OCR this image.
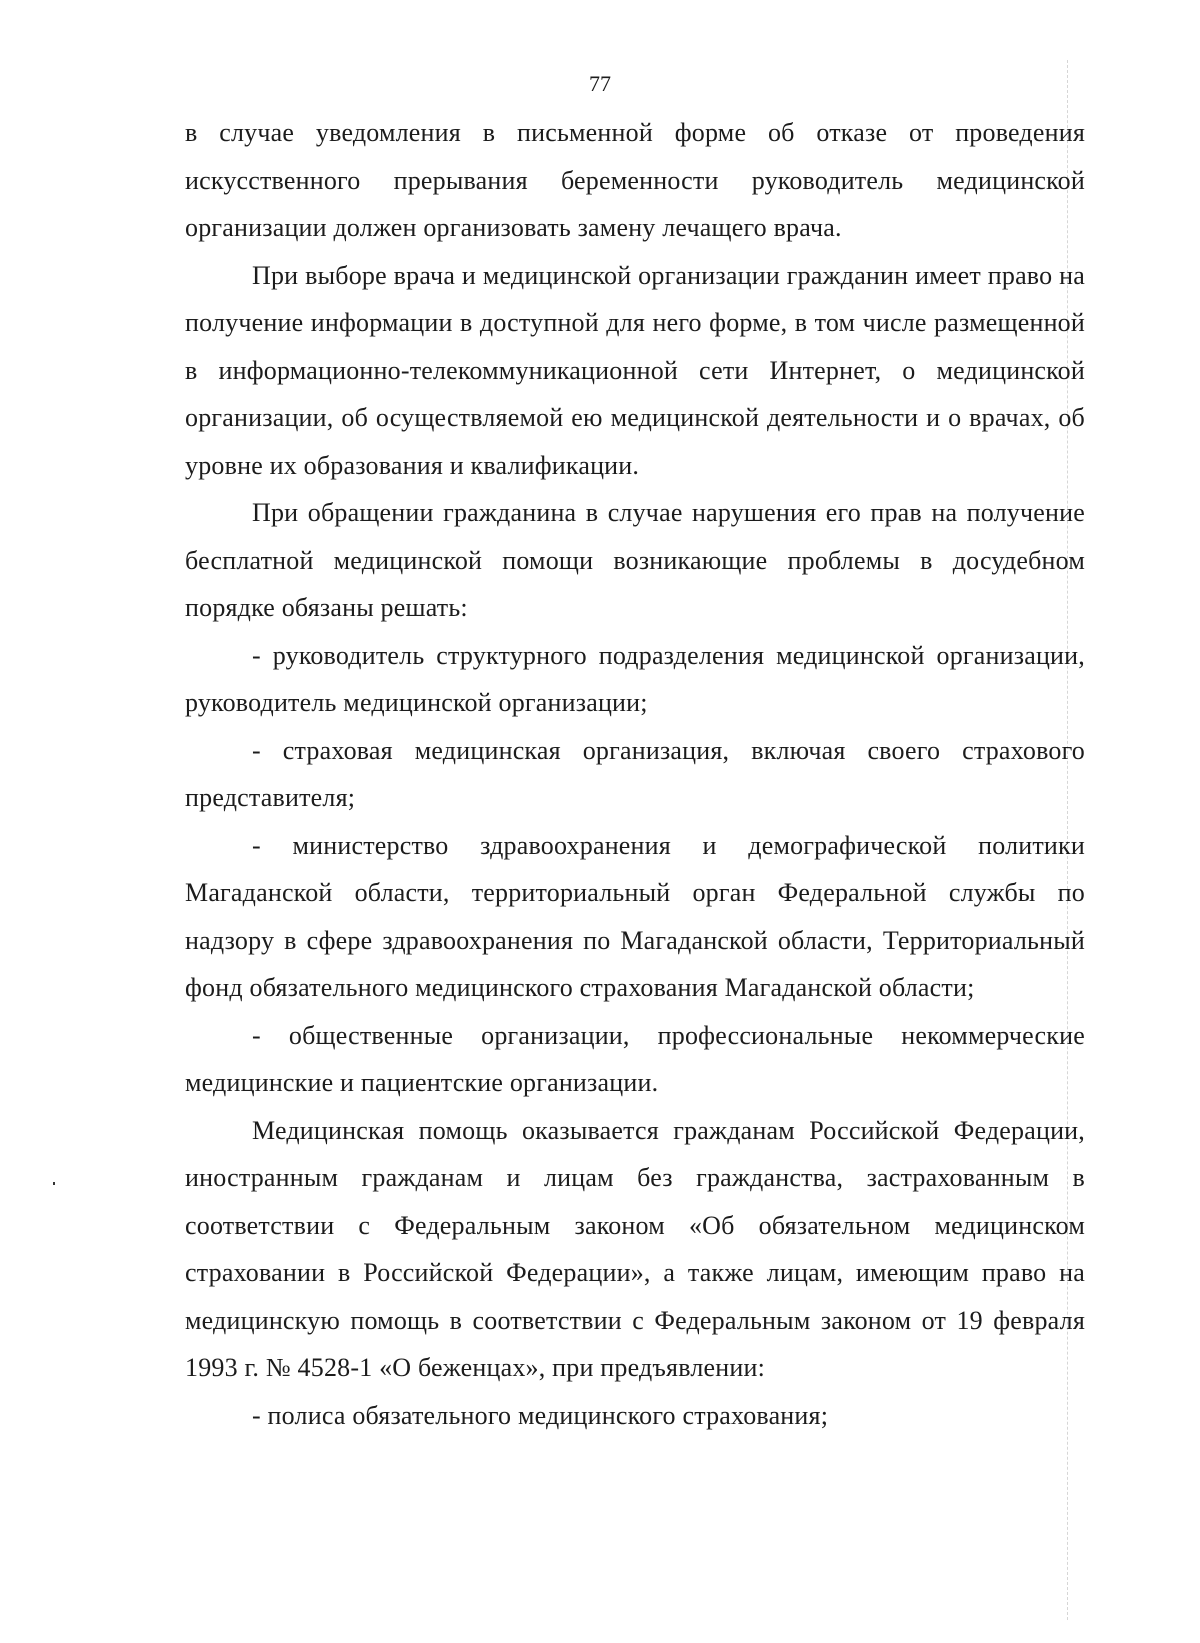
77

в случае уведомления в письменной форме об отказе от проведения искусственного прерывания беременности руководитель медицинской организации должен организовать замену лечащего врача.

При выборе врача и медицинской организации гражданин имеет право на получение информации в доступной для него форме, в том числе размещенной в информационно-телекоммуникационной сети Интернет, о медицинской организации, об осуществляемой ею медицинской деятельности и о врачах, об уровне их образования и квалификации.

При обращении гражданина в случае нарушения его прав на получение бесплатной медицинской помощи возникающие проблемы в досудебном порядке обязаны решать:

- руководитель структурного подразделения медицинской организации, руководитель медицинской организации;

- страховая медицинская организация, включая своего страхового представителя;

- министерство здравоохранения и демографической политики Магаданской области, территориальный орган Федеральной службы по надзору в сфере здравоохранения по Магаданской области, Территориальный фонд обязательного медицинского страхования Магаданской области;

- общественные организации, профессиональные некоммерческие медицинские и пациентские организации.

Медицинская помощь оказывается гражданам Российской Федерации, иностранным гражданам и лицам без гражданства, застрахованным в соответствии с Федеральным законом «Об обязательном медицинском страховании в Российской Федерации», а также лицам, имеющим право на медицинскую помощь в соответствии с Федеральным законом от 19 февраля 1993 г. № 4528-1 «О беженцах», при предъявлении:

- полиса обязательного медицинского страхования;
